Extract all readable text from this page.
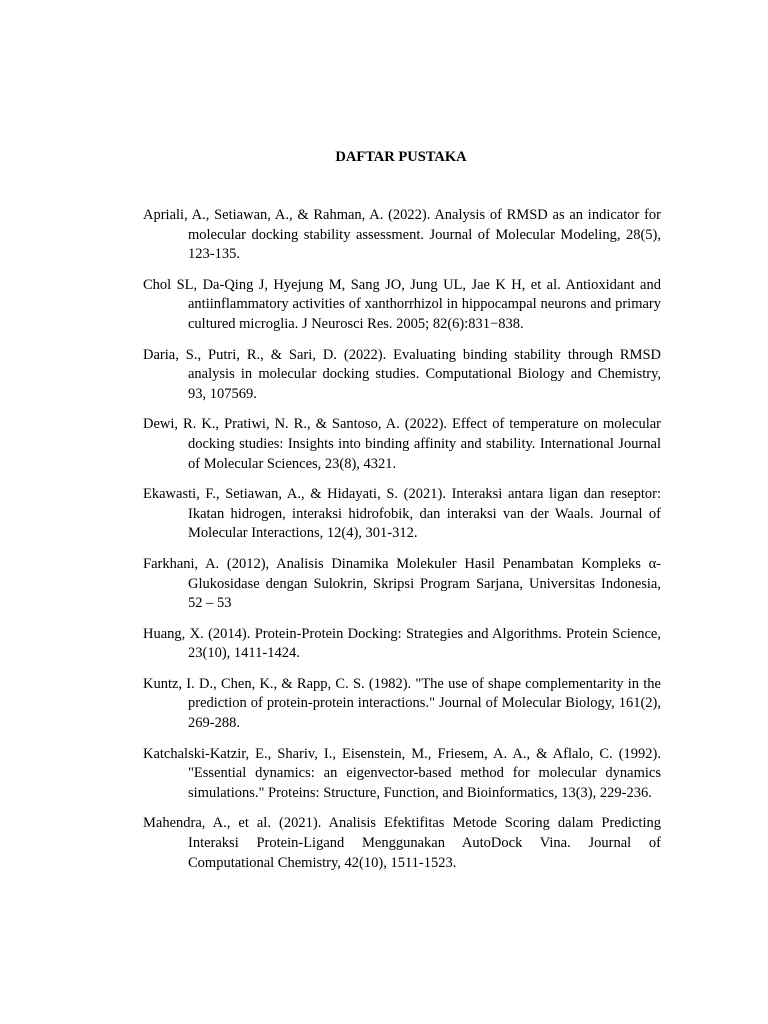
DAFTAR PUSTAKA
Apriali, A., Setiawan, A., & Rahman, A. (2022). Analysis of RMSD as an indicator for molecular docking stability assessment. Journal of Molecular Modeling, 28(5), 123-135.
Chol SL, Da-Qing J, Hyejung M, Sang JO, Jung UL, Jae K H, et al. Antioxidant and antiinflammatory activities of xanthorrhizol in hippocampal neurons and primary cultured microglia. J Neurosci Res. 2005; 82(6):831−838.
Daria, S., Putri, R., & Sari, D. (2022). Evaluating binding stability through RMSD analysis in molecular docking studies. Computational Biology and Chemistry, 93, 107569.
Dewi, R. K., Pratiwi, N. R., & Santoso, A. (2022). Effect of temperature on molecular docking studies: Insights into binding affinity and stability. International Journal of Molecular Sciences, 23(8), 4321.
Ekawasti, F., Setiawan, A., & Hidayati, S. (2021). Interaksi antara ligan dan reseptor: Ikatan hidrogen, interaksi hidrofobik, dan interaksi van der Waals. Journal of Molecular Interactions, 12(4), 301-312.
Farkhani, A. (2012), Analisis Dinamika Molekuler Hasil Penambatan Kompleks α-Glukosidase dengan Sulokrin, Skripsi Program Sarjana, Universitas Indonesia, 52 – 53
Huang, X. (2014). Protein-Protein Docking: Strategies and Algorithms. Protein Science, 23(10), 1411-1424.
Kuntz, I. D., Chen, K., & Rapp, C. S. (1982). "The use of shape complementarity in the prediction of protein-protein interactions." Journal of Molecular Biology, 161(2), 269-288.
Katchalski-Katzir, E., Shariv, I., Eisenstein, M., Friesem, A. A., & Aflalo, C. (1992). "Essential dynamics: an eigenvector-based method for molecular dynamics simulations." Proteins: Structure, Function, and Bioinformatics, 13(3), 229-236.
Mahendra, A., et al. (2021). Analisis Efektifitas Metode Scoring dalam Predicting Interaksi Protein-Ligand Menggunakan AutoDock Vina. Journal of Computational Chemistry, 42(10), 1511-1523.
